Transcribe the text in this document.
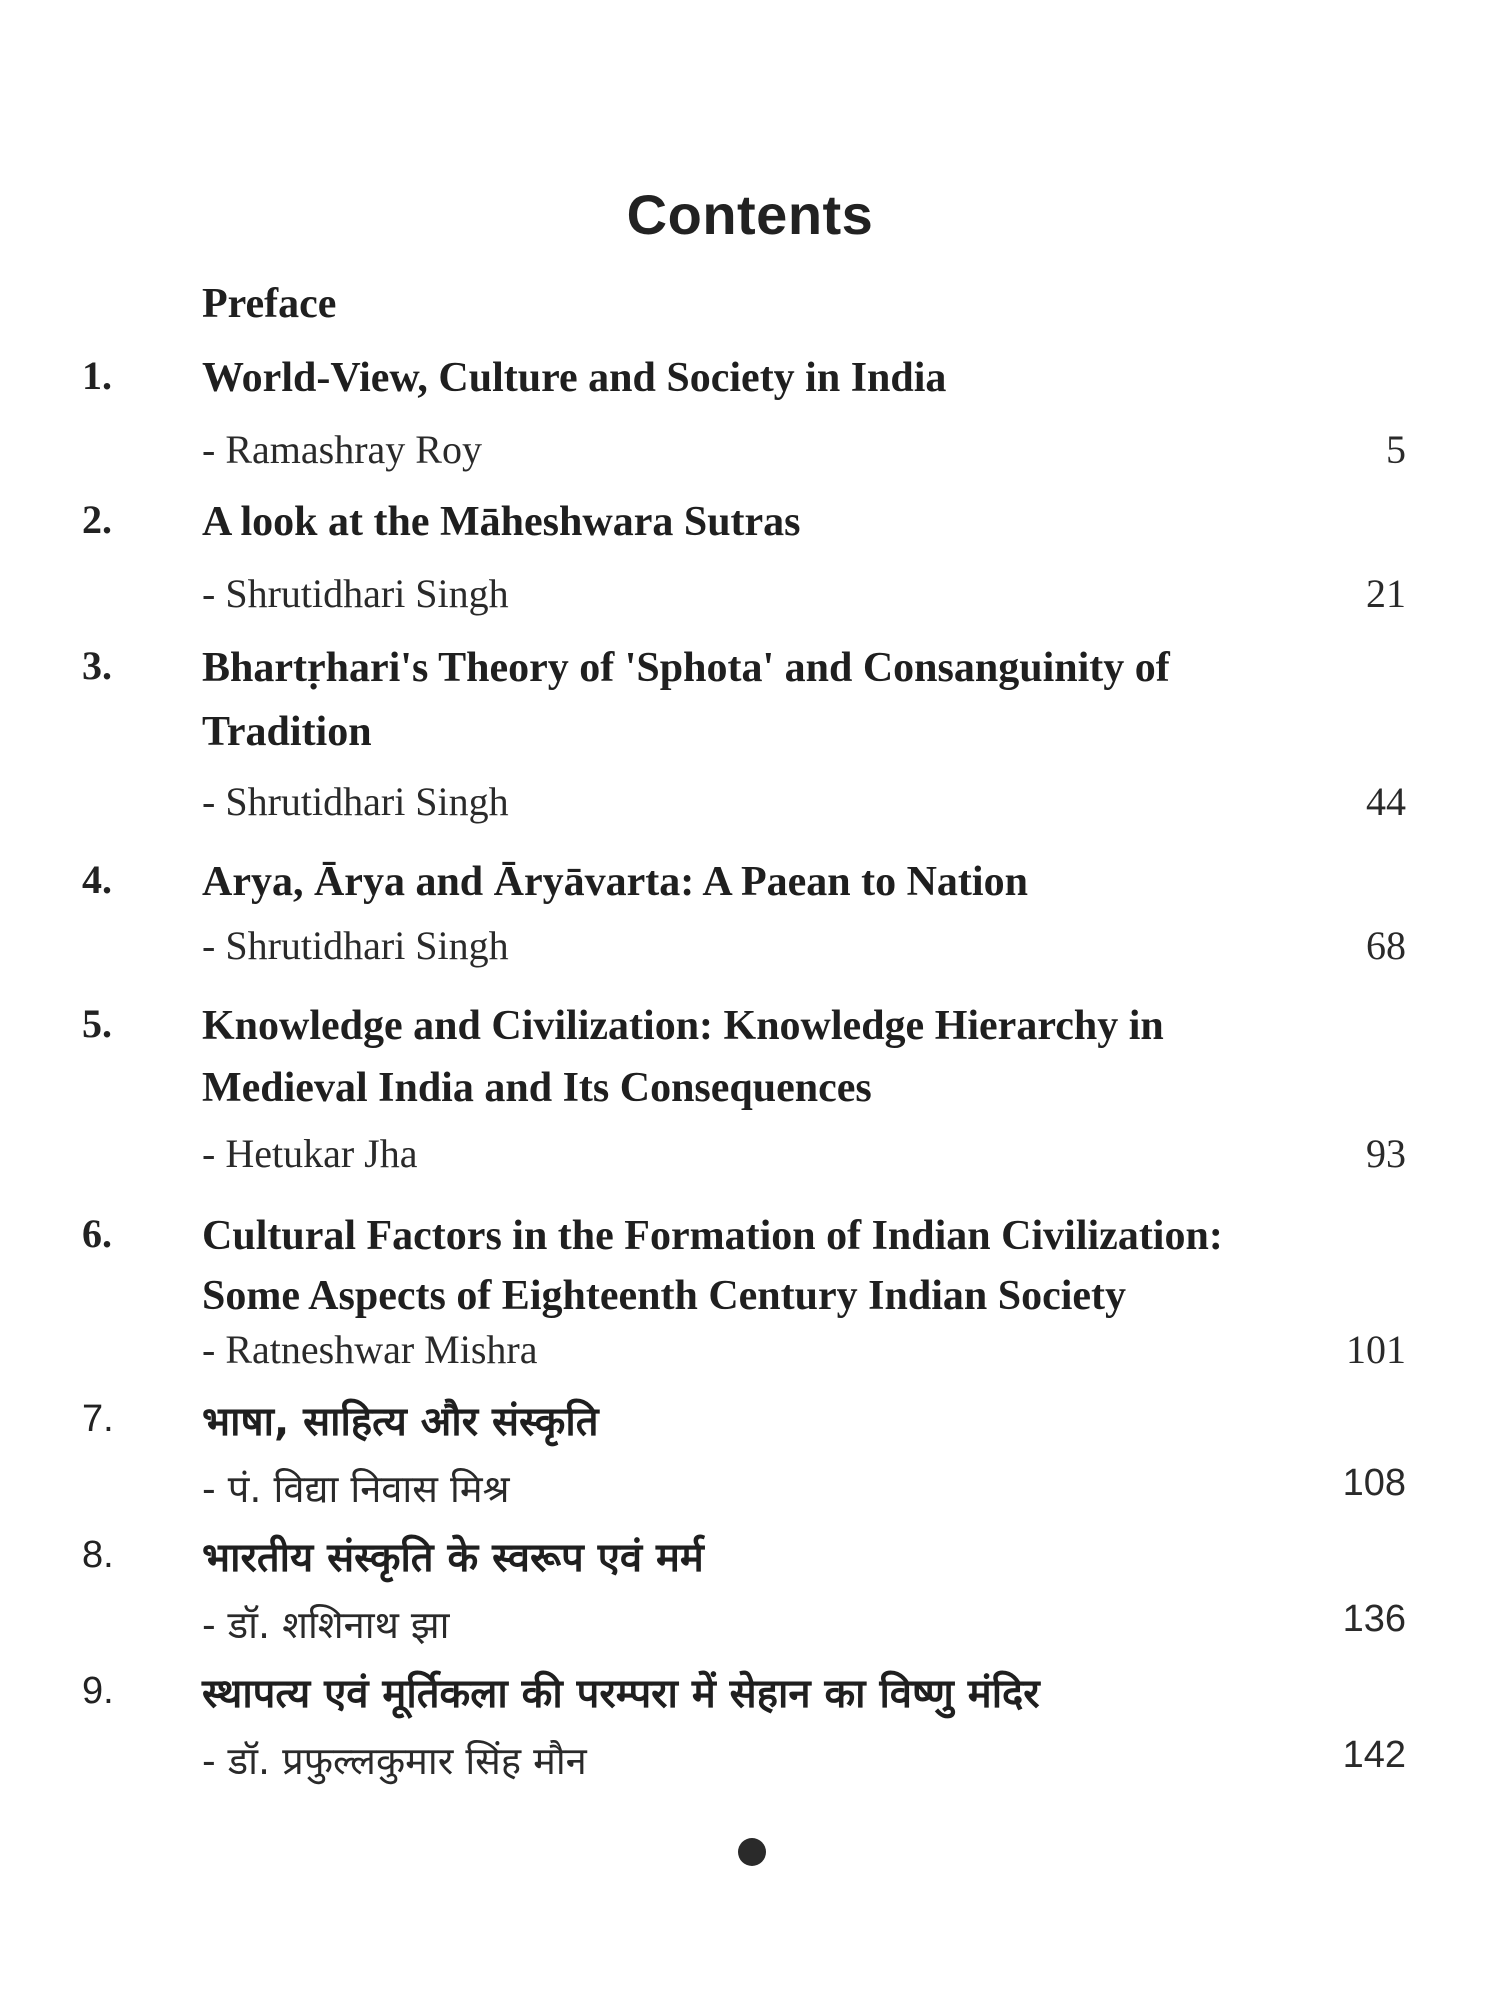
Contents
Preface
1. World-View, Culture and Society in India
- Ramashray Roy	5
2. A look at the Māheshwara Sutras
- Shrutidhari Singh	21
3. Bhartṛhari's Theory of 'Sphota' and Consanguinity of
Tradition
- Shrutidhari Singh	44
4. Arya, Ārya and Āryāvarta: A Paean to Nation
- Shrutidhari Singh	68
5. Knowledge and Civilization: Knowledge Hierarchy in
Medieval India and Its Consequences
- Hetukar Jha	93
6. Cultural Factors in the Formation of Indian Civilization:
Some Aspects of Eighteenth Century Indian Society
- Ratneshwar Mishra	101
7. भाषा, साहित्य और संस्कृति
- पं. विद्या निवास मिश्र	108
8. भारतीय संस्कृति के स्वरूप एवं मर्म
- डॉ. शशिनाथ झा	136
9. स्थापत्य एवं मूर्तिकला की परम्परा में सेहान का विष्णु मंदिर
- डॉ. प्रफुल्लकुमार सिंह मौन	142
